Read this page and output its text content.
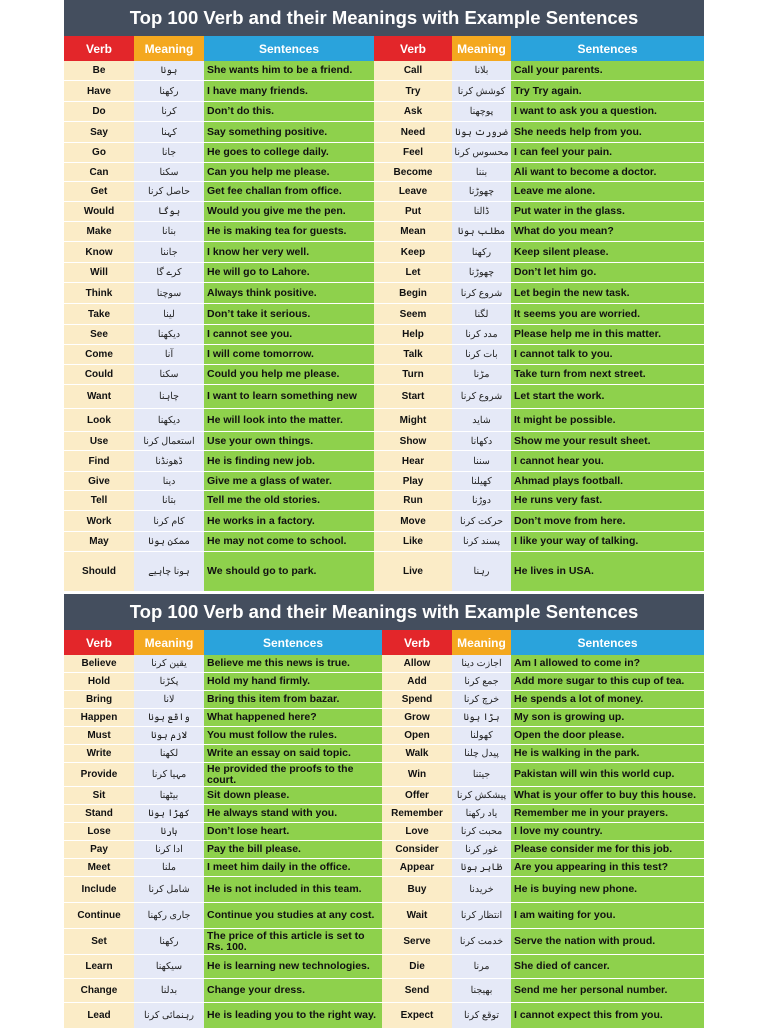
Top 100 Verb and their Meanings with Example Sentences
Verb	Meaning	Sentences
Be	ہونا	She wants him to be a friend.
Have	رکھنا	I have many friends.
Do	کرنا	Don’t do this.
Say	کہنا	Say something positive.
Go	جانا	He goes to college daily.
Can	سکنا	Can you help me please.
Get	حاصل کرنا	Get fee challan from office.
Would	ہوگا	Would you give me the pen.
Make	بنانا	He is making tea for guests.
Know	جاننا	I know her very well.
Will	کرے گا	He will go to Lahore.
Think	سوچنا	Always think positive.
Take	لینا	Don’t take it serious.
See	دیکھنا	I cannot see you.
Come	آنا	I will come tomorrow.
Could	سکنا	Could you help me please.
Want	چاہنا	I want to learn something new
Look	دیکھنا	He will look into the matter.
Use	استعمال کرنا	Use your own things.
Find	ڈھونڈنا	He is finding new job.
Give	دینا	Give me a glass of water.
Tell	بتانا	Tell me the old stories.
Work	کام کرنا	He works in a factory.
May	ممکن ہونا	He may not come to school.
Should	ہونا چاہیے	We should go to park.
Verb	Meaning	Sentences
Call	بلانا	Call your parents.
Try	کوشش کرنا Try Try again.
Ask	پوچھنا	I want to ask you a question.
Need	ضرورت ہونا She needs help from you.
Feel	محسوس کرنا I can feel your pain.
Become	بننا	Ali want to become a doctor.
Leave	چھوڑنا	Leave me alone.
Put	ڈالنا	Put water in the glass.
Mean	مطلب ہونا What do you mean?
Keep	رکھنا	Keep silent please.
Let	چھوڑنا	Don’t let him go.
Begin	شروع کرنا	Let begin the new task.
Seem	لگنا	It seems you are worried.
Help	مدد کرنا	Please help me in this matter.
Talk	بات کرنا	I cannot talk to you.
Turn	مڑنا	Take turn from next street.
Start	شروع کرنا	Let start the work.
Might	شاید	It might be possible.
Show	دکھانا	Show me your result sheet.
Hear	سننا	I cannot hear you.
Play	کھیلنا	Ahmad plays football.
Run	دوڑنا	He runs very fast.
Move	حرکت کرنا	Don’t move from here.
Like	پسند کرنا	I like your way of talking.
Live	رہنا	He lives in USA.
Top 100 Verb and their Meanings with Example Sentences
Verb	Meaning	Sentences
Believe	یقین کرنا	Believe me this news is true.
Hold	پکڑنا	Hold my hand firmly.
Bring	لانا	Bring this item from bazar.
Happen	واقع ہونا	What happened here?
Must	لازم ہونا	You must follow the rules.
Write	لکھنا	Write an essay on said topic.
Provide	مہیا کرنا	He provided the proofs to the court.
Sit	بیٹھنا	Sit down please.
Stand	کھڑا ہونا	He always stand with you.
Lose	ہارنا	Don’t lose heart.
Pay	ادا کرنا	Pay the bill please.
Meet	ملنا	I meet him daily in the office.
Include	شامل کرنا	He is not included in this team.
Continue	جاری رکھنا	Continue you studies at any cost.
Set	رکھنا	The price of this article is set to Rs. 100.
Learn	سیکھنا	He is learning new technologies.
Change	بدلنا	Change your dress.
Lead	رہنمائی کرنا	He is leading you to the right way.
Verb	Meaning	Sentences
Allow	اجازت دینا	Am I allowed to come in?
Add	جمع کرنا	Add more sugar to this cup of tea.
Spend	خرچ کرنا	He spends a lot of money.
Grow	بڑا ہونا	My son is growing up.
Open	کھولنا	Open the door please.
Walk	پیدل چلنا	He is walking in the park.
Win	جیتنا	Pakistan will win this world cup.
Offer	پیشکش کرنا What is your offer to buy this house.
Remember	یاد رکھنا	Remember me in your prayers.
Love	محبت کرنا	I love my country.
Consider	غور کرنا	Please consider me for this job.
Appear	ظاہر ہونا	Are you appearing in this test?
Buy	خریدنا	He is buying new phone.
Wait	انتظار کرنا	I am waiting for you.
Serve	خدمت کرنا	Serve the nation with proud.
Die	مرنا	She died of cancer.
Send	بھیجنا	Send me her personal number.
Expect	توقع کرنا	I cannot expect this from you.
